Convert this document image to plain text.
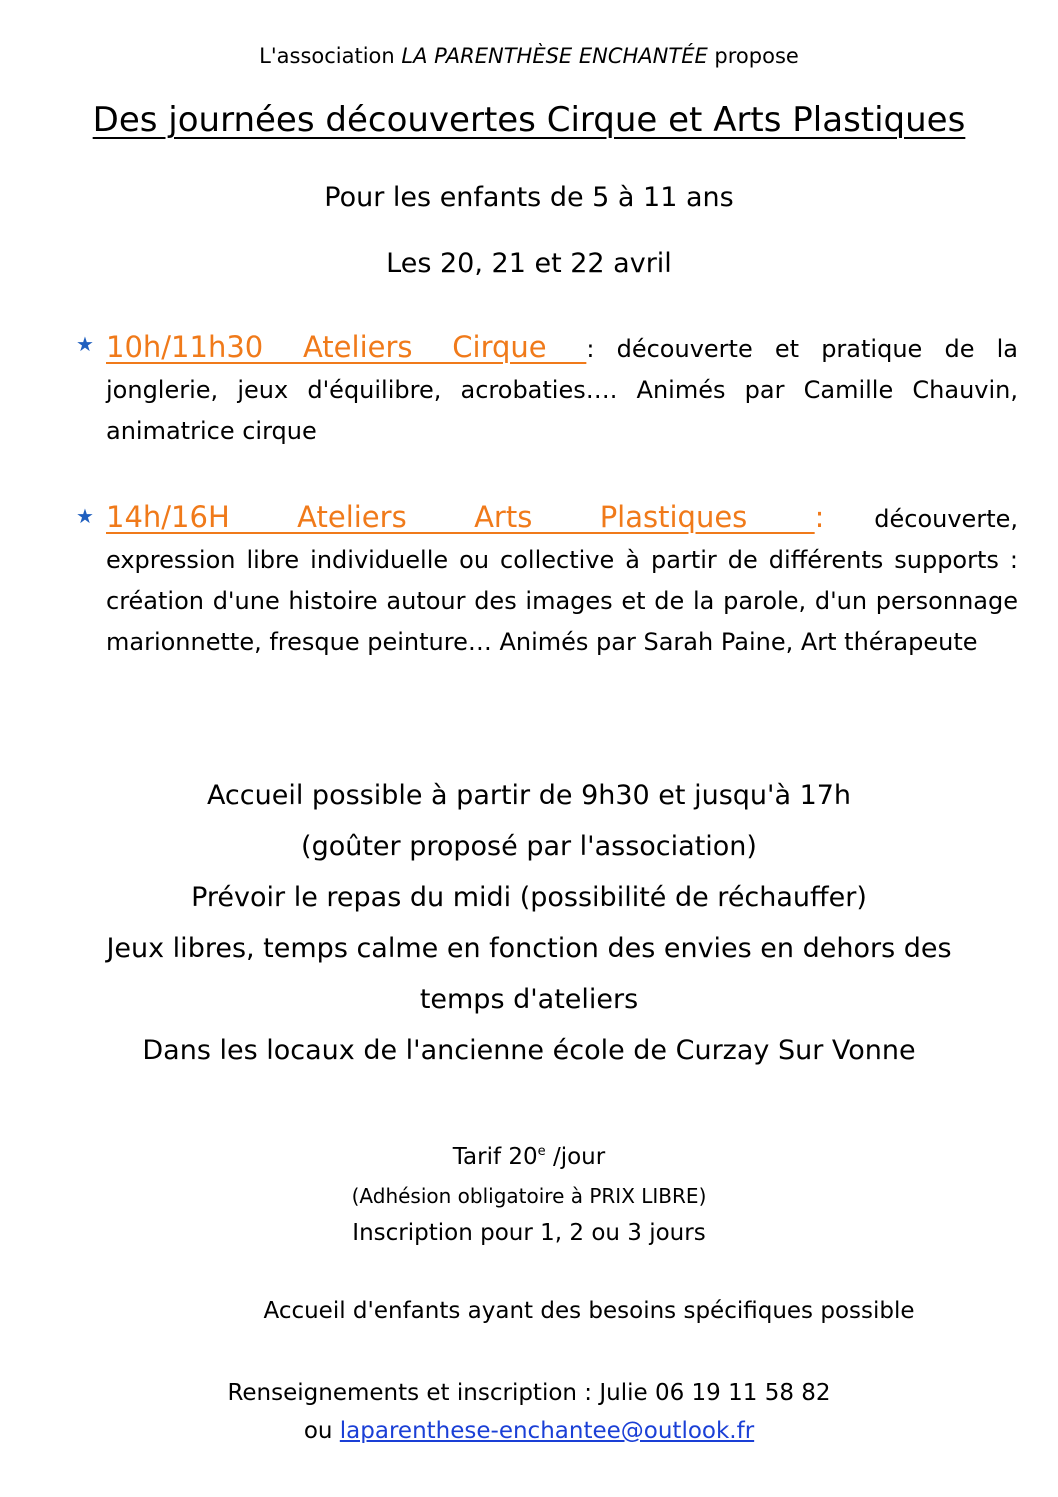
L'association LA PARENTHÈSE ENCHANTÉE propose
Des journées découvertes Cirque et Arts Plastiques
Pour les enfants de 5 à 11 ans
Les 20, 21 et 22 avril
★ 10h/11h30 Ateliers Cirque : découverte et pratique de la jonglerie, jeux d'équilibre, acrobaties…. Animés par Camille Chauvin, animatrice cirque
★ 14h/16H Ateliers Arts Plastiques : découverte, expression libre individuelle ou collective à partir de différents supports : création d'une histoire autour des images et de la parole, d'un personnage marionnette, fresque peinture… Animés par Sarah Paine, Art thérapeute
Accueil possible à partir de 9h30 et jusqu'à 17h
(goûter proposé par l'association)
Prévoir le repas du midi (possibilité de réchauffer)
Jeux libres, temps calme en fonction des envies en dehors des
temps d'ateliers
Dans les locaux de l'ancienne école de Curzay Sur Vonne
Tarif 20e /jour
(Adhésion obligatoire à PRIX LIBRE)
Inscription pour 1, 2 ou 3 jours
Accueil d'enfants ayant des besoins spécifiques possible
Renseignements et inscription : Julie 06 19 11 58 82
ou laparenthese-enchantee@outlook.fr
